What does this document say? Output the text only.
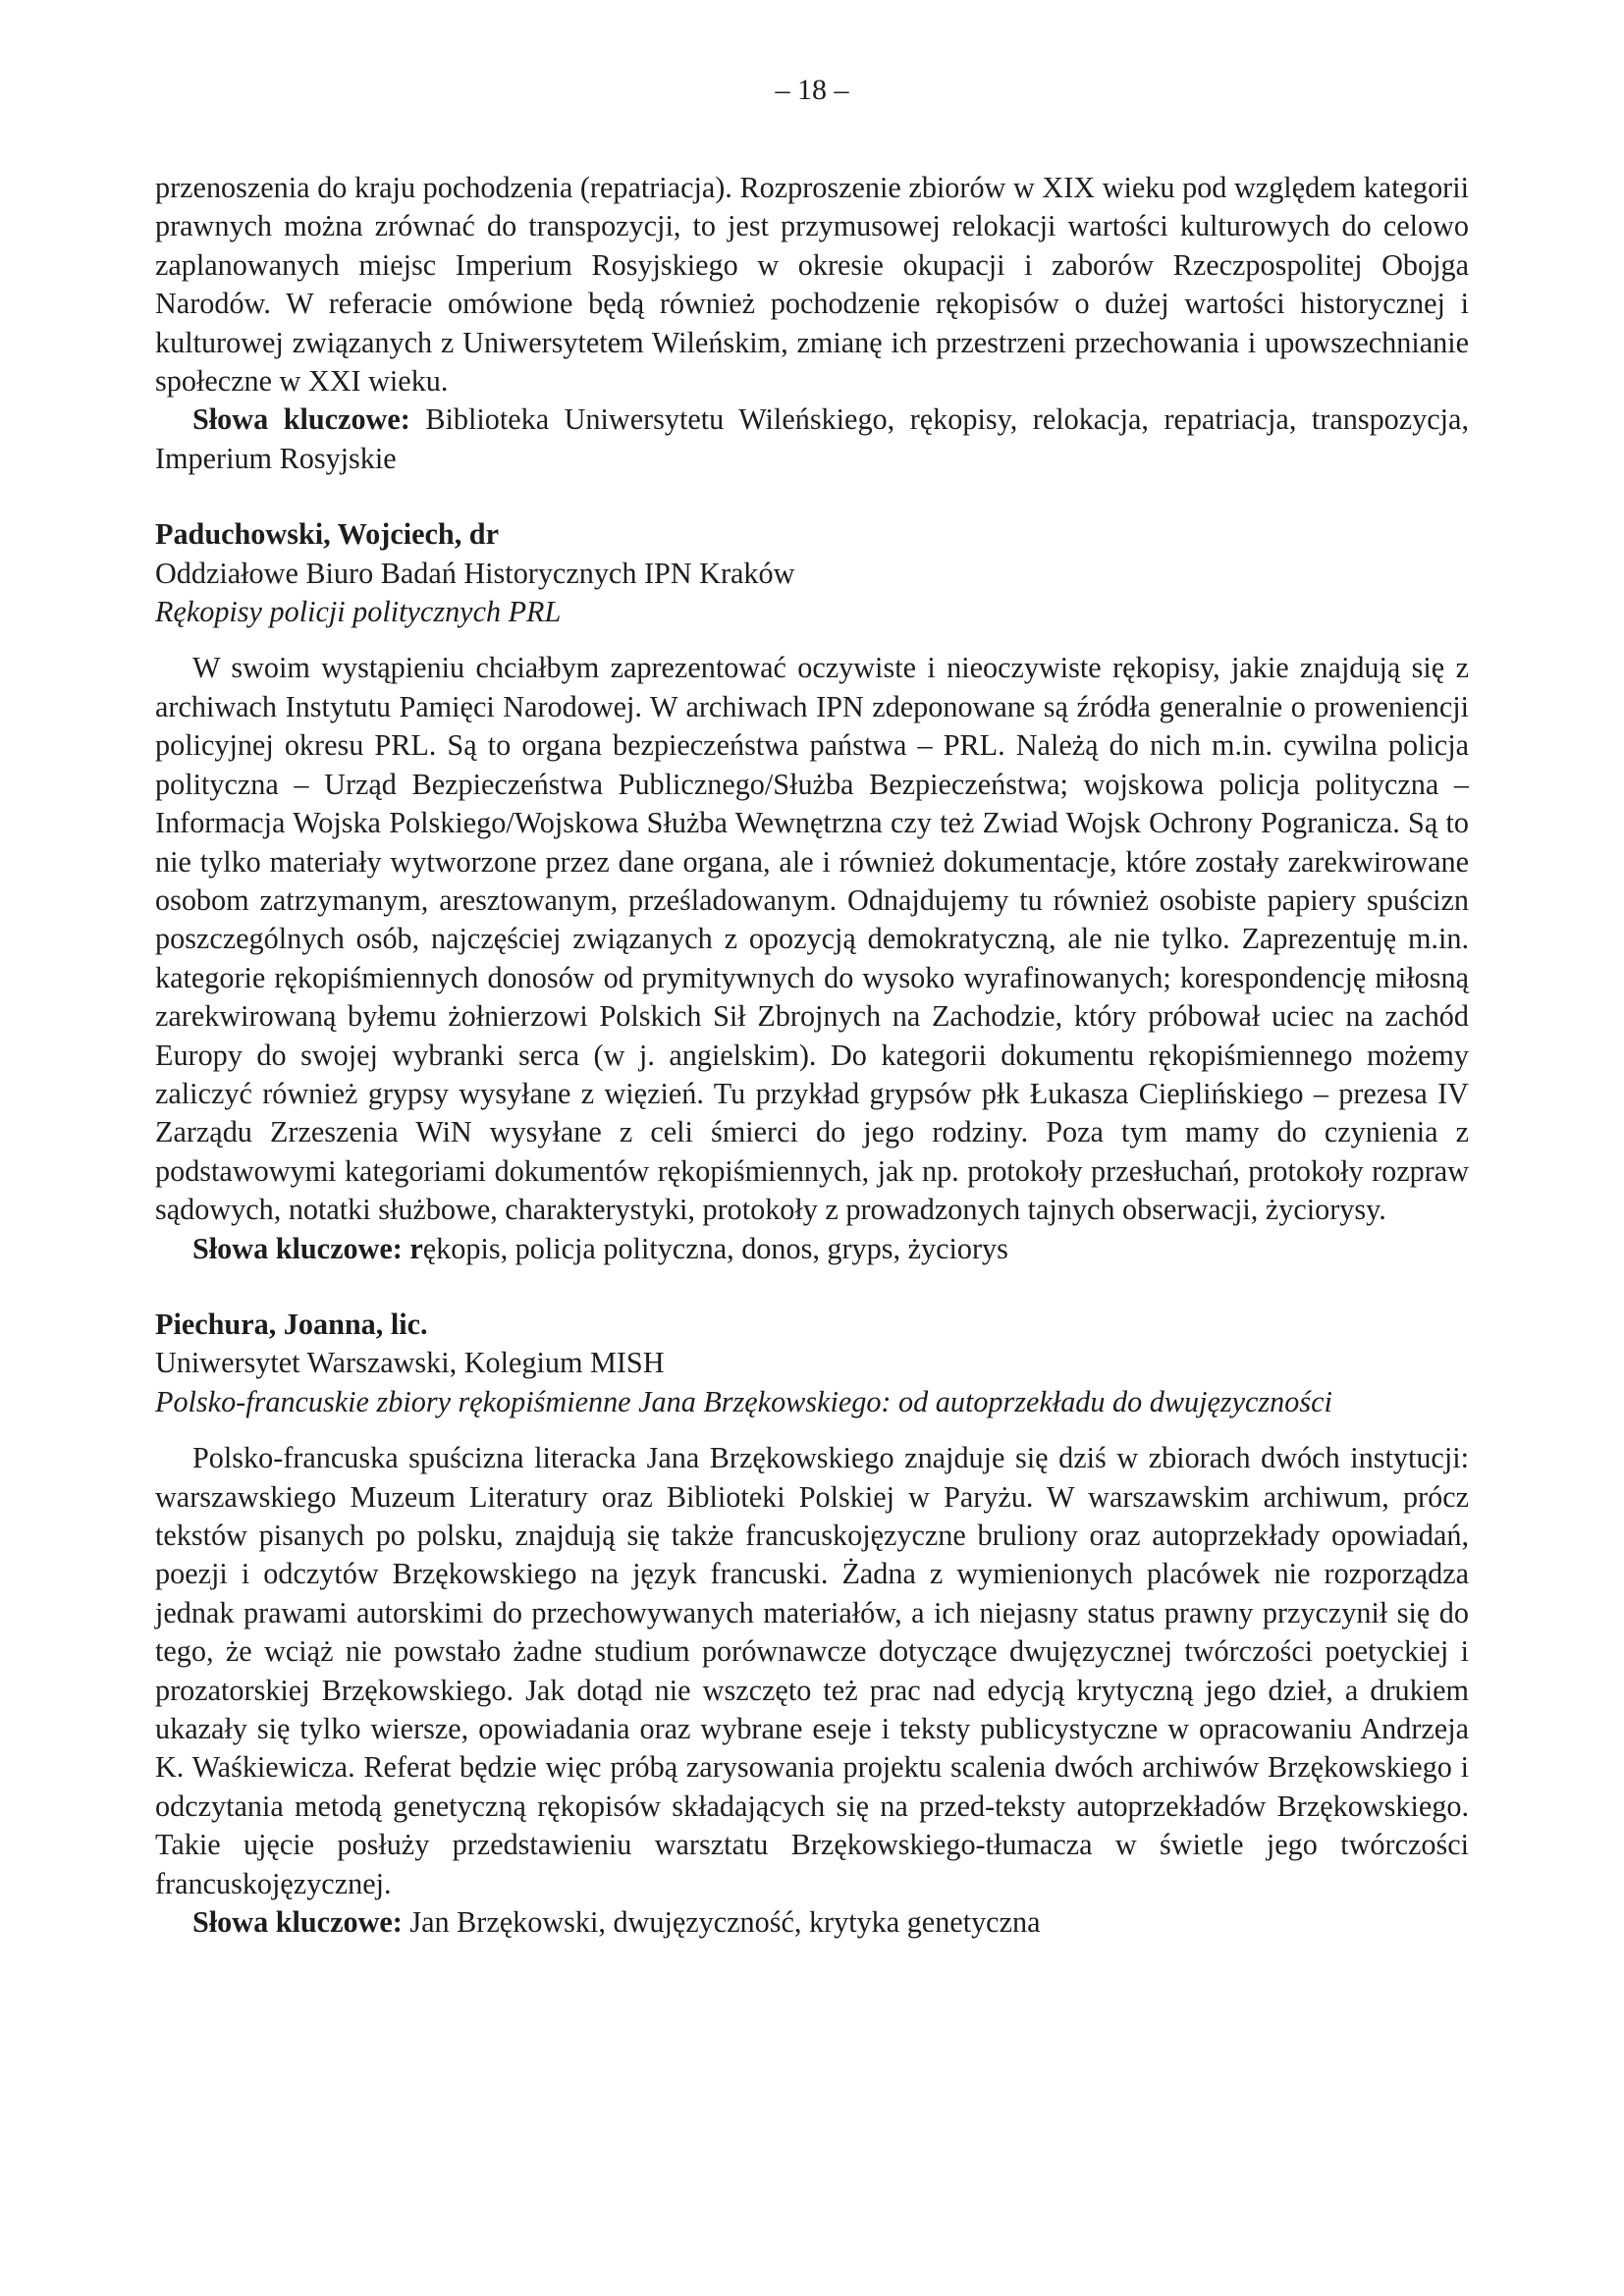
– 18 –

przenoszenia do kraju pochodzenia (repatriacja). Rozproszenie zbiorów w XIX wieku pod względem kategorii prawnych można zrównać do transpozycji, to jest przymusowej relokacji wartości kulturowych do celowo zaplanowanych miejsc Imperium Rosyjskiego w okresie okupacji i zaborów Rzeczpospolitej Obojga Narodów. W referacie omówione będą również pochodzenie rękopisów o dużej wartości historycznej i kulturowej związanych z Uniwersytetem Wileńskim, zmianę ich przestrzeni przechowania i upowszechnianie społeczne w XXI wieku.

Słowa kluczowe: Biblioteka Uniwersytetu Wileńskiego, rękopisy, relokacja, repatriacja, transpozycja, Imperium Rosyjskie

Paduchowski, Wojciech, dr

Oddziałowe Biuro Badań Historycznych IPN Kraków

Rękopisy policji politycznych PRL

W swoim wystąpieniu chciałbym zaprezentować oczywiste i nieoczywiste rękopisy, jakie znajdują się z archiwach Instytutu Pamięci Narodowej. W archiwach IPN zdeponowane są źródła generalnie o proweniencji policyjnej okresu PRL. Są to organa bezpieczeństwa państwa – PRL. Należą do nich m.in. cywilna policja polityczna – Urząd Bezpieczeństwa Publicznego/Służba Bezpieczeństwa; wojskowa policja polityczna – Informacja Wojska Polskiego/Wojskowa Służba Wewnętrzna czy też Zwiad Wojsk Ochrony Pogranicza. Są to nie tylko materiały wytworzone przez dane organa, ale i również dokumentacje, które zostały zarekwirowane osobom zatrzymanym, aresztowanym, prześladowanym. Odnajdujemy tu również osobiste papiery spuścizn poszczególnych osób, najczęściej związanych z opozycją demokratyczną, ale nie tylko. Zaprezentuję m.in. kategorie rękopiśmiennych donosów od prymitywnych do wysoko wyrafinowanych; korespondencję miłosną zarekwirowaną byłemu żołnierzowi Polskich Sił Zbrojnych na Zachodzie, który próbował uciec na zachód Europy do swojej wybranki serca (w j. angielskim). Do kategorii dokumentu rękopiśmiennego możemy zaliczyć również grypsy wysyłane z więzień. Tu przykład grypsów płk Łukasza Cieplińskiego – prezesa IV Zarządu Zrzeszenia WiN wysyłane z celi śmierci do jego rodziny. Poza tym mamy do czynienia z podstawowymi kategoriami dokumentów rękopiśmiennych, jak np. protokoły przesłuchań, protokoły rozpraw sądowych, notatki służbowe, charakterystyki, protokoły z prowadzonych tajnych obserwacji, życiorysy.

Słowa kluczowe: rękopis, policja polityczna, donos, gryps, życiorys

Piechura, Joanna, lic.

Uniwersytet Warszawski, Kolegium MISH

Polsko-francuskie zbiory rękopiśmienne Jana Brzękowskiego: od autoprzekładu do dwujęzyczności

Polsko-francuska spuścizna literacka Jana Brzękowskiego znajduje się dziś w zbiorach dwóch instytucji: warszawskiego Muzeum Literatury oraz Biblioteki Polskiej w Paryżu. W warszawskim archiwum, prócz tekstów pisanych po polsku, znajdują się także francuskojęzyczne bruliony oraz autoprzekłady opowiadań, poezji i odczytów Brzękowskiego na język francuski. Żadna z wymienionych placówek nie rozporządza jednak prawami autorskimi do przechowywanych materiałów, a ich niejasny status prawny przyczynił się do tego, że wciąż nie powstało żadne studium porównawcze dotyczące dwujęzycznej twórczości poetyckiej i prozatorskiej Brzękowskiego. Jak dotąd nie wszczęto też prac nad edycją krytyczną jego dzieł, a drukiem ukazały się tylko wiersze, opowiadania oraz wybrane eseje i teksty publicystyczne w opracowaniu Andrzeja K. Waśkiewicza. Referat będzie więc próbą zarysowania projektu scalenia dwóch archiwów Brzękowskiego i odczytania metodą genetyczną rękopisów składających się na przed-teksty autoprzekładów Brzękowskiego. Takie ujęcie posłuży przedstawieniu warsztatu Brzękowskiego-tłumacza w świetle jego twórczości francuskojęzycznej.

Słowa kluczowe: Jan Brzękowski, dwujęzyczność, krytyka genetyczna
